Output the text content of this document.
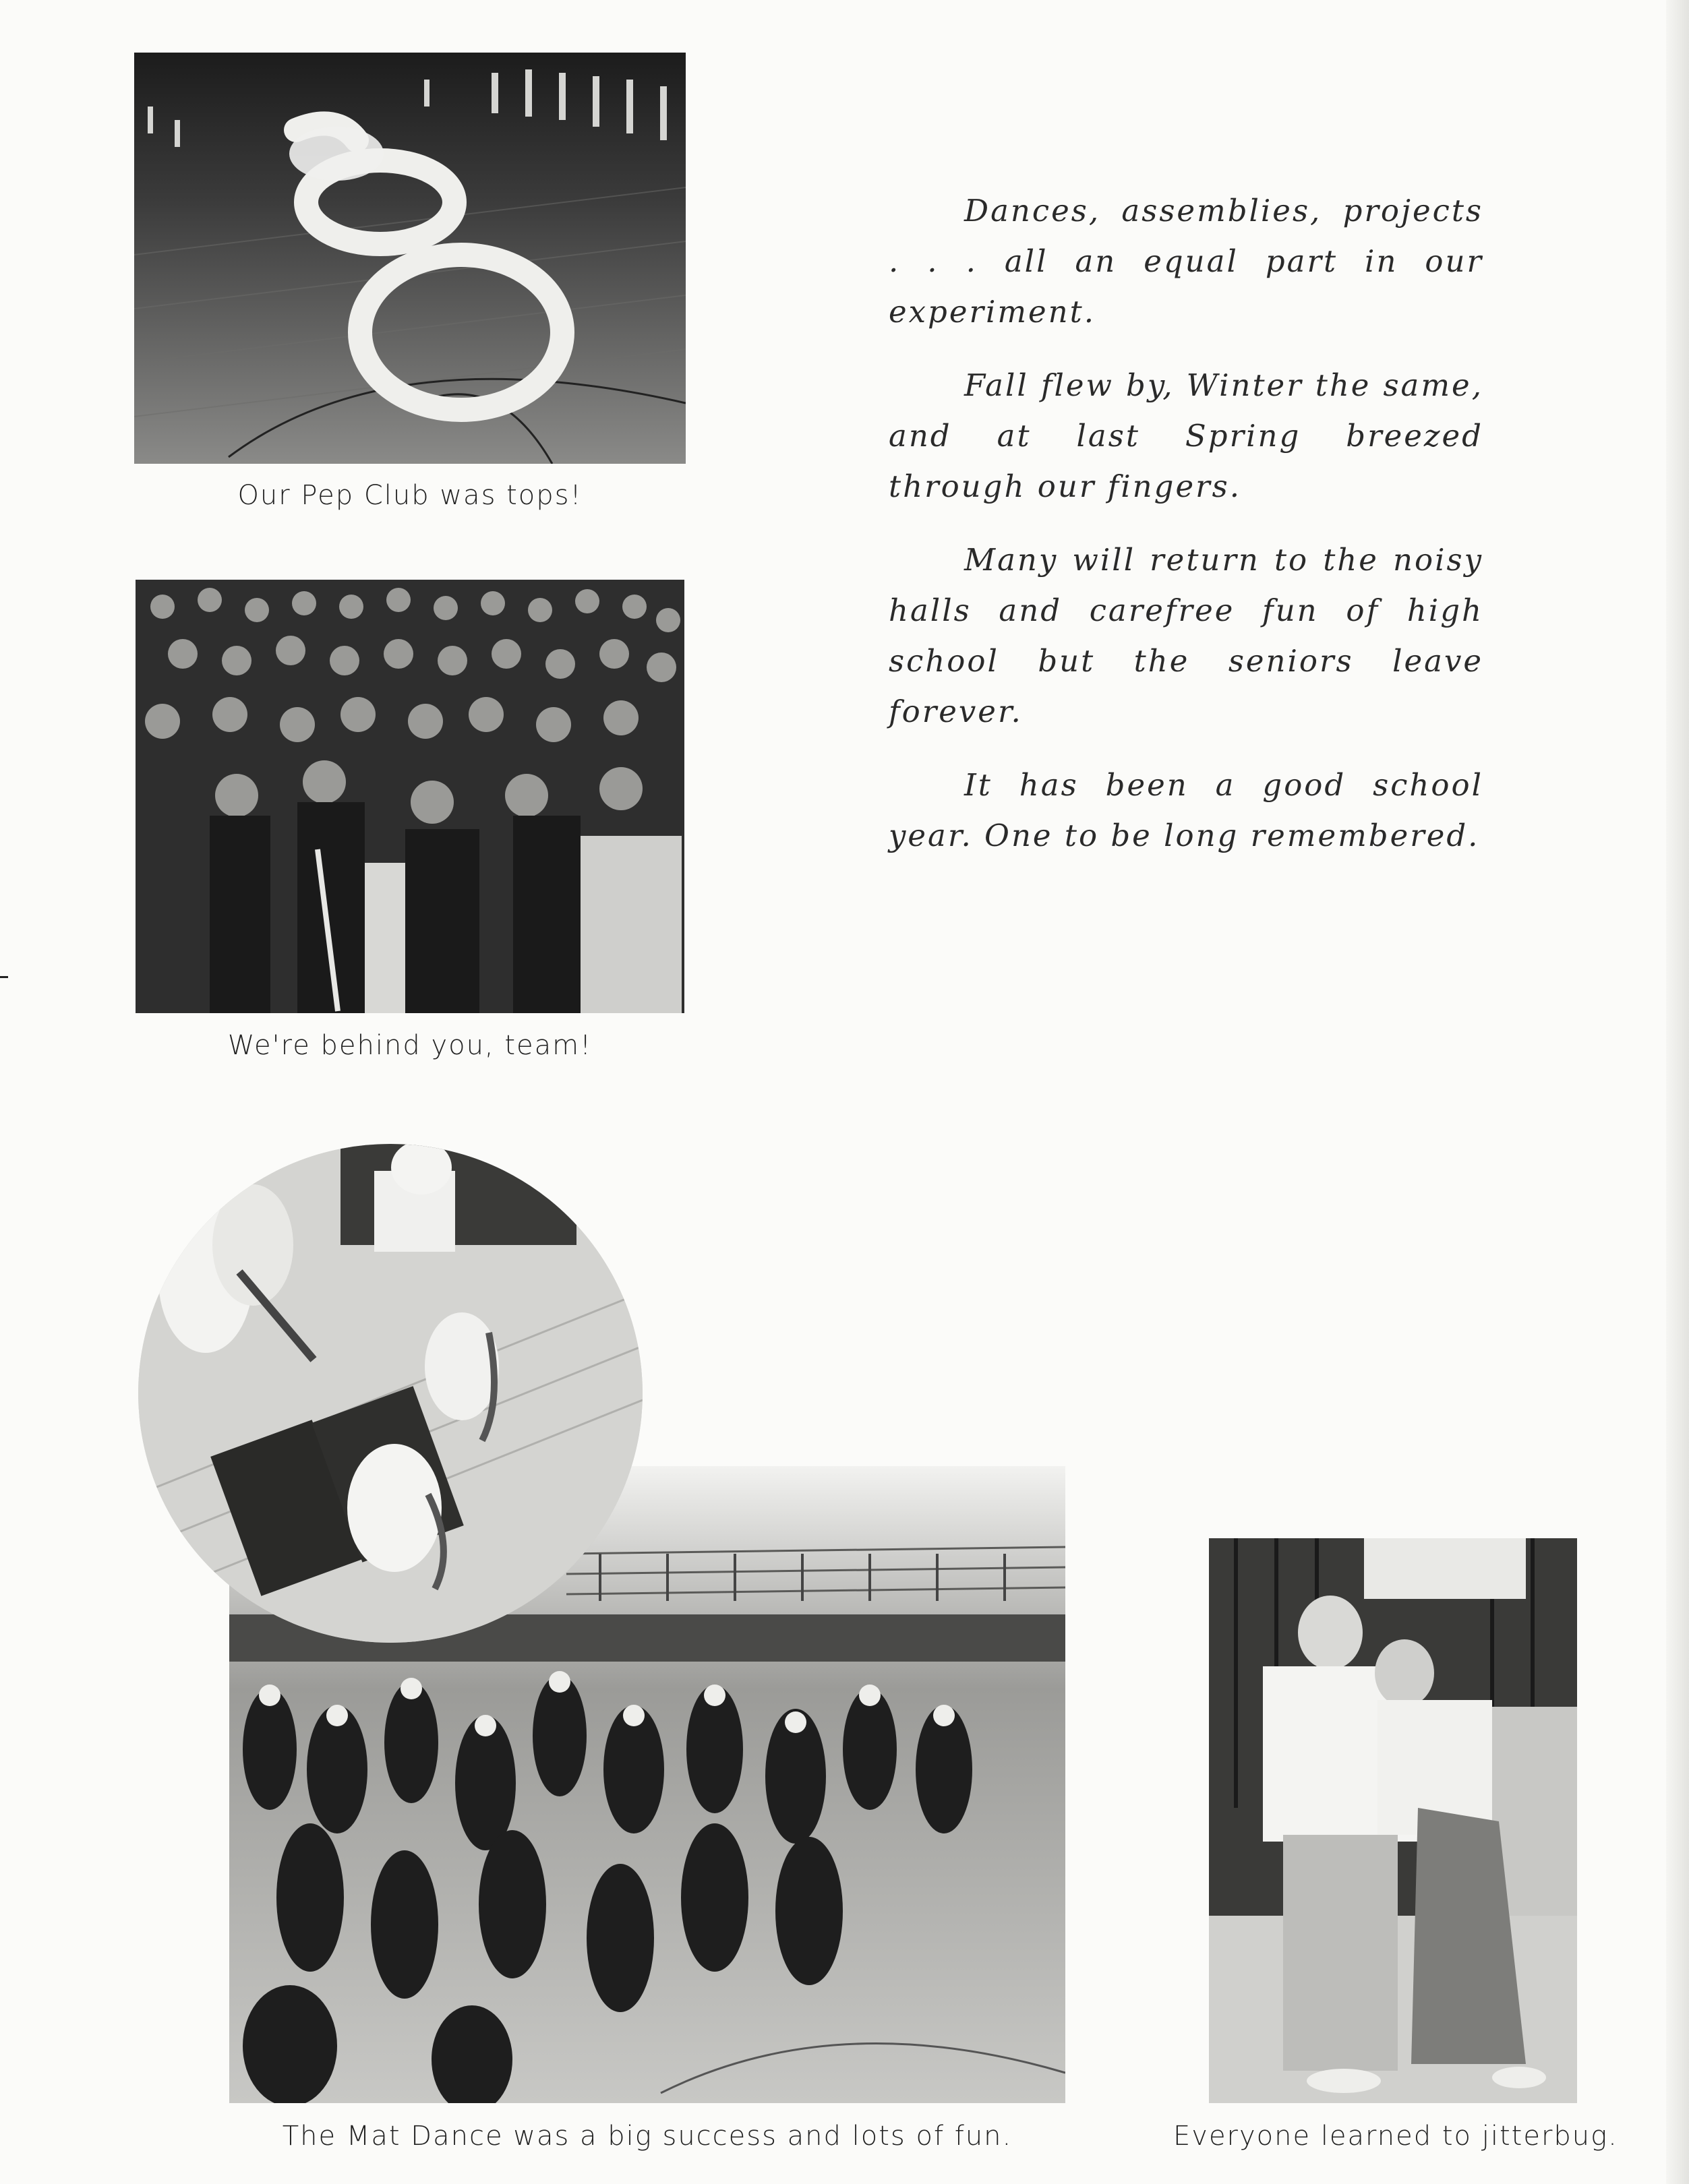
Our Pep Club was tops!
We're behind you, team!

Dances, assemblies, projects . . . all an equal part in our experiment.

Fall flew by, Winter the same, and at last Spring breezed through our fingers.

Many will return to the noisy halls and carefree fun of high school but the seniors leave forever.

It has been a good school year. One to be long remembered.

The Mat Dance was a big success and lots of fun.	Everyone learned to jitterbug.
